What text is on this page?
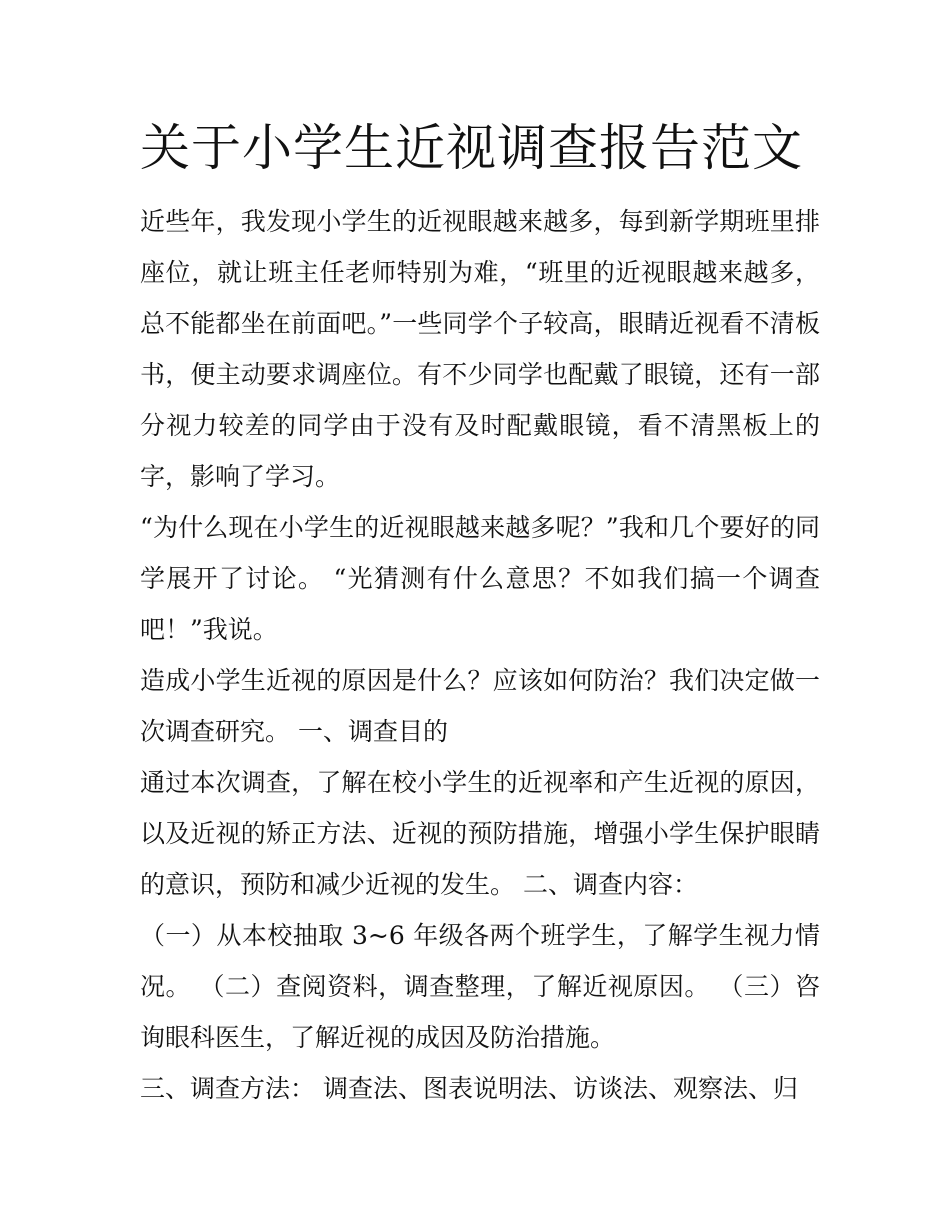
关于小学生近视调查报告范文

近些年，我发现小学生的近视眼越来越多，每到新学期班里排座位，就让班主任老师特别为难，“班里的近视眼越来越多，总不能都坐在前面吧。”一些同学个子较高，眼睛近视看不清板书，便主动要求调座位。有不少同学也配戴了眼镜，还有一部分视力较差的同学由于没有及时配戴眼镜，看不清黑板上的字，影响了学习。

“为什么现在小学生的近视眼越来越多呢？”我和几个要好的同学展开了讨论。 “光猜测有什么意思？不如我们搞一个调查吧！”我说。

造成小学生近视的原因是什么？应该如何防治？我们决定做一次调查研究。 一、调查目的

通过本次调查，了解在校小学生的近视率和产生近视的原因，以及近视的矫正方法、近视的预防措施，增强小学生保护眼睛的意识，预防和减少近视的发生。 二、调查内容：

（一）从本校抽取 3~6 年级各两个班学生，了解学生视力情况。 （二）查阅资料，调查整理，了解近视原因。 （三）咨询眼科医生，了解近视的成因及防治措施。

三、调查方法： 调查法、图表说明法、访谈法、观察法、归
